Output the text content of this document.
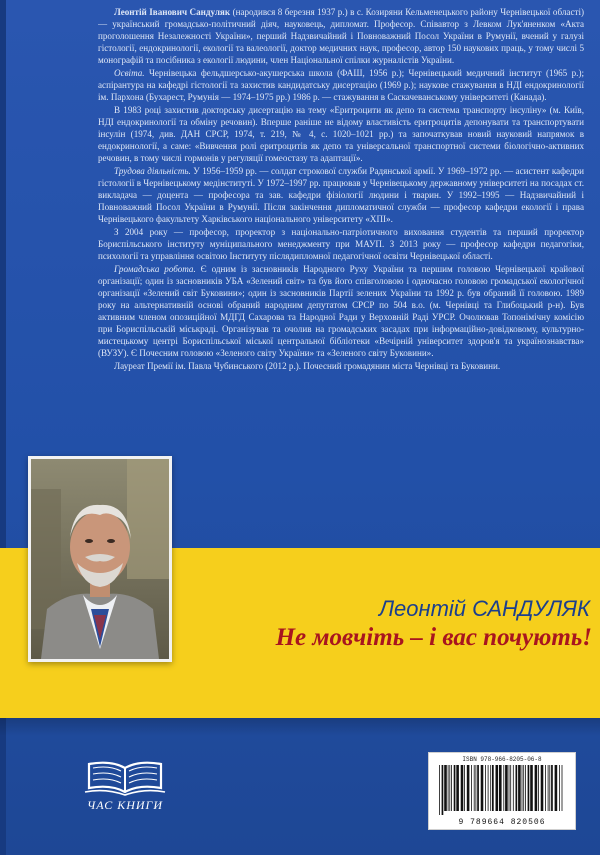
Леонтій Іванович Сандуляк (народився 8 березня 1937 р.) в с. Козиряни Кельменецького району Чернівецької області) — український громадсько-політичний діяч, науковець, дипломат. Професор. Співавтор з Левком Лук'яненком «Акта проголошення Незалежності України», перший Надзвичайний і Повноважний Посол України в Румунії, вчений у галузі гістології, ендокринології, екології та валеології, доктор медичних наук, професор, автор 150 наукових праць, у тому числі 5 монографій та посібника з екології людини, член Національної спілки журналістів України.

Освіта. Чернівецька фельдшерсько-акушерська школа (ФАШ, 1956 р.); Чернівецький медичний інститут (1965 р.); аспірантура на кафедрі гістології та захистив кандидатську дисертацію (1969 р.); наукове стажування в НДІ ендокринології ім. Пархона (Бухарест, Румунія — 1974–1975 рр.) 1986 р. — стажування в Саскачеванському університеті (Канада).

В 1983 році захистив докторську дисертацію на тему «Еритроцити як депо та система транспорту інсуліну» (м. Київ, НДІ ендокринології та обміну речовин). Вперше раніше не відому властивість еритроцитів депонувати та транспортувати інсулін (1974, див. ДАН СРСР, 1974, т. 219, № 4, с. 1020–1021 рр.) та започаткував новий науковий напрямок в ендокринології, а саме: «Вивчення ролі еритроцитів як депо та універсальної транспортної системи біологічно-активних речовин, в тому числі гормонів у регуляції гомеостазу та адаптації».

Трудова діяльність. У 1956–1959 рр. — солдат строкової служби Радянської армії. У 1969–1972 рр. — асистент кафедри гістології в Чернівецькому медінституті. У 1972–1997 рр. працював у Чернівецькому державному університеті на посадах ст. викладача — доцента — професора та зав. кафедри фізіології людини і тварин. У 1992–1995 — Надзвичайний і Повноважний Посол України в Румунії. Після закінчення дипломатичної служби — професор кафедри екології і права Чернівецького факультету Харківського національного університету «ХПІ».

З 2004 року — професор, проректор з національно-патріотичного виховання студентів та перший проректор Бориспільського інституту муніципального менеджменту при МАУП. З 2013 року — професор кафедри педагогіки, психології та управління освітою Інституту післядипломної педагогічної освіти Чернівецької області.

Громадська робота. Є одним із засновників Народного Руху України та першим головою Чернівецької крайової організації; один із засновників УБА «Зелений світ» та був його співголовою і одночасно головою громадської екологічної організації «Зелений світ Буковини»; один із засновників Партії зелених України та 1992 р. був обраний її головою. 1989 року на альтернативній основі обраний народним депутатом СРСР по 504 в.о. (м. Чернівці та Глибоцький р-н). Був активним членом опозиційної МДГД Сахарова та Народної Ради у Верховній Раді УРСР. Очолював Топонімічну комісію при Бориспільській міськраді. Організував та очолив на громадських засадах при інформаційно-довідковому, культурно-мистецькому центрі Бориспільської міської центральної бібліотеки «Вечірній університет здоров'я та українознавства» (ВУЗУ). Є Почесним головою «Зеленого світу України» та «Зеленого світу Буковини».

Лауреат Премії ім. Павла Чубинського (2012 р.). Почесний громадянин міста Чернівці та Буковини.

Леонтій САНДУЛЯК
Не мовчіть – і вас почують!
ЧАС КНИГИ
ISBN 978-966-8205-06-8
9 789664 820506
